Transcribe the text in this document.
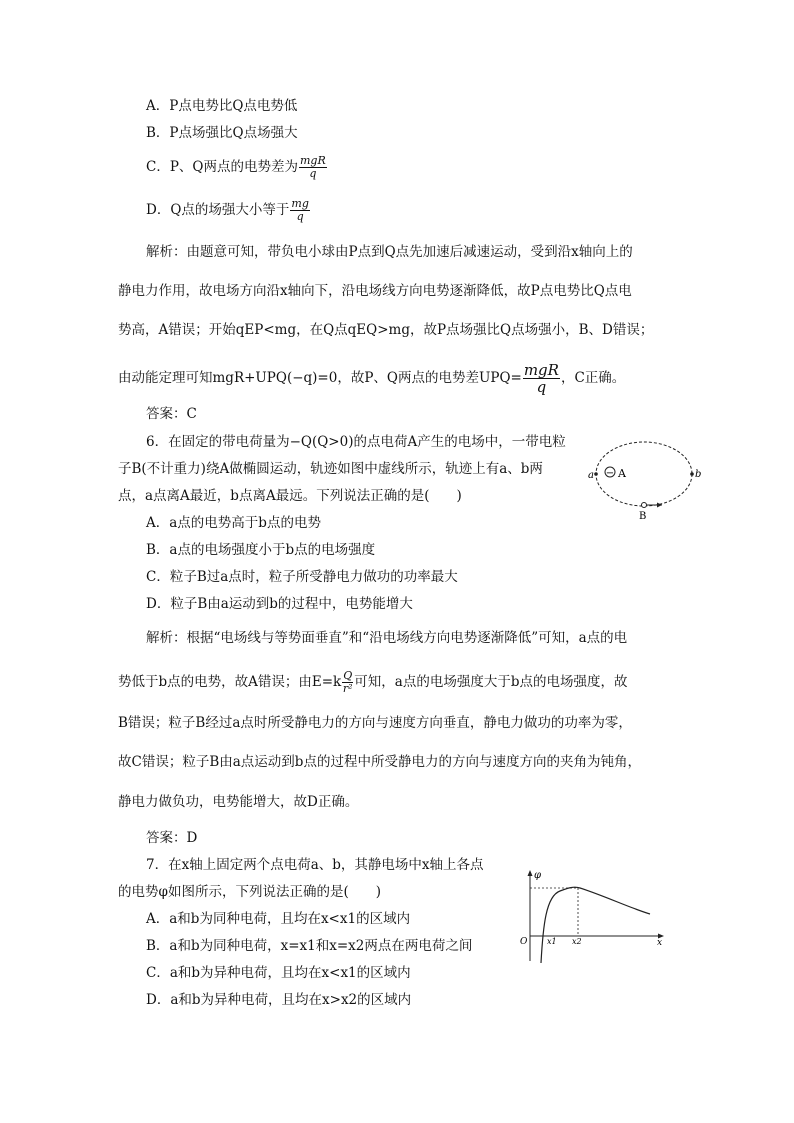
A．P点电势比Q点电势低
B．P点场强比Q点场强大
C．P、Q两点的电势差为 $\frac{\text{mgR}}{q}$
D．Q点的场强大小等于 $\frac{mg}{q}$
解析：由题意可知，带负电小球由P点到Q点先加速后减速运动，受到沿x轴向上的
静电力作用，故电场方向沿x轴向下，沿电场线方向电势逐渐降低，故P点电势比Q点电
势高，A错误；开始qEP<mg，在Q点qEQ>mg，故P点场强比Q点场强小，B、D错误；
由动能定理可知mgR+UPQ(−q)=0，故P、Q两点的电势差$UPQ= \frac{\text{mgR}}{q}$ ，C正确。
答案：C
6．在固定的带电荷量为−Q(Q>0)的点电荷A产生的电场中，一带电粒
子B(不计重力)绕A做椭圆运动，轨迹如图中虚线所示，轨迹上有a、b两
点，a点离A最近，b点离A最远。下列说法正确的是(　　)
A．a点的电势高于b点的电势
B．a点的电场强度小于b点的电场强度
C．粒子B过a点时，粒子所受静电力做功的功率最大
D．粒子B由a运动到b的过程中，电势能增大
− A
a	b
B
解析：根据“电场线与等势面垂直”和“沿电场线方向电势逐渐降低”可知，a点的电
势低于b点的电势，故A错误；由$E=k \frac{Q}{\text{r²}}$ 可知，a点的电场强度大于b点的电场强度，故
B错误；粒子B经过a点时所受静电力的方向与速度方向垂直，静电力做功的功率为零，
故C错误；粒子B由a点运动到b点的过程中所受静电力的方向与速度方向的夹角为钝角，
静电力做负功，电势能增大，故D正确。
答案：D
7．在x轴上固定两个点电荷a、b，其静电场中x轴上各点
的电势φ如图所示，下列说法正确的是(　　)
A．a和b为同种电荷，且均在x<x1的区域内
B．a和b为同种电荷，x=x1和x=x2两点在两电荷之间
C．a和b为异种电荷，且均在x<x1的区域内
D．a和b为异种电荷，且均在x>x2的区域内
φ
x
O x1 x2
